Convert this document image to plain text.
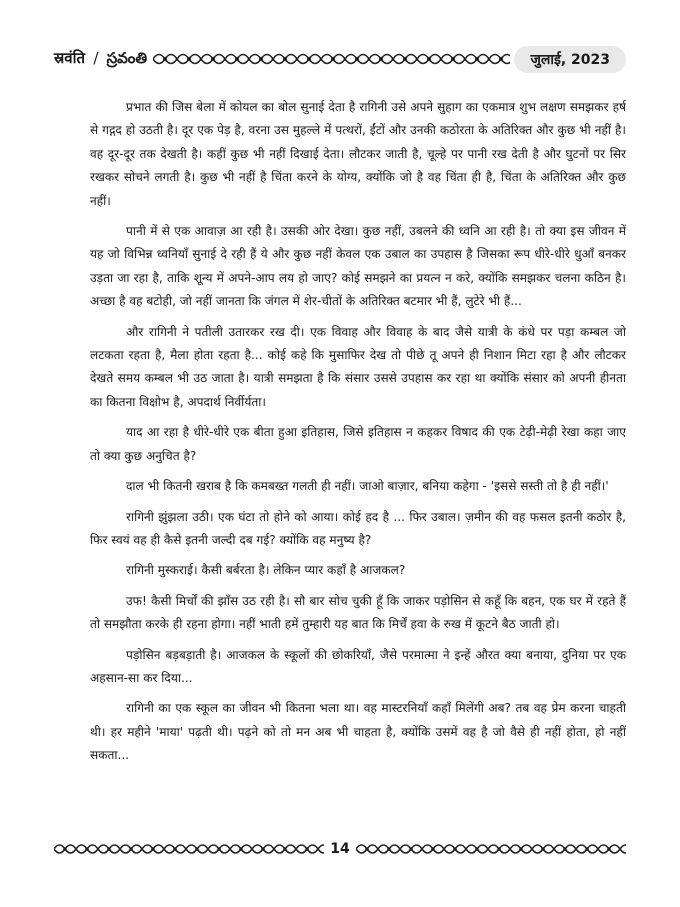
स्रवंति / స్రవంతి	जुलाई, 2023

प्रभात की जिस बेला में कोयल का बोल सुनाई देता है रागिनी उसे अपने सुहाग का एकमात्र शुभ लक्षण समझकर हर्ष से गद्गद हो उठती है। दूर एक पेड़ है, वरना उस मुहल्ले में पत्थरों, ईंटों और उनकी कठोरता के अतिरिक्त और कुछ भी नहीं है। वह दूर-दूर तक देखती है। कहीं कुछ भी नहीं दिखाई देता। लौटकर जाती है, चूल्हे पर पानी रख देती है और घुटनों पर सिर रखकर सोचने लगती है। कुछ भी नहीं है चिंता करने के योग्य, क्योंकि जो है वह चिंता ही है, चिंता के अतिरिक्त और कुछ नहीं।

पानी में से एक आवाज़ आ रही है। उसकी ओर देखा। कुछ नहीं, उबलने की ध्वनि आ रही है। तो क्या इस जीवन में यह जो विभिन्न ध्वनियाँ सुनाई दे रही हैं ये और कुछ नहीं केवल एक उबाल का उपहास है जिसका रूप धीरे-धीरे धुआँ बनकर उड़ता जा रहा है, ताकि शून्य में अपने-आप लय हो जाए? कोई समझने का प्रयत्न न करे, क्योंकि समझकर चलना कठिन है। अच्छा है वह बटोही, जो नहीं जानता कि जंगल में शेर-चीतों के अतिरिक्त बटमार भी हैं, लुटेरे भी हैं...

और रागिनी ने पतीली उतारकर रख दी। एक विवाह और विवाह के बाद जैसे यात्री के कंधे पर पड़ा कम्बल जो लटकता रहता है, मैला होता रहता है... कोई कहे कि मुसाफिर देख तो पीछे तू अपने ही निशान मिटा रहा है और लौटकर देखते समय कम्बल भी उठ जाता है। यात्री समझता है कि संसार उससे उपहास कर रहा था क्योंकि संसार को अपनी हीनता का कितना विक्षोभ है, अपदार्थ निर्वीर्यता।

याद आ रहा है धीरे-धीरे एक बीता हुआ इतिहास, जिसे इतिहास न कहकर विषाद की एक टेढ़ी-मेढ़ी रेखा कहा जाए तो क्या कुछ अनुचित है?

दाल भी कितनी खराब है कि कमबख्त गलती ही नहीं। जाओ बाज़ार, बनिया कहेगा - 'इससे सस्ती तो है ही नहीं।'

रागिनी झुंझला उठी। एक घंटा तो होने को आया। कोई हद है ... फिर उबाल। ज़मीन की वह फसल इतनी कठोर है, फिर स्वयं वह ही कैसे इतनी जल्दी दब गई? क्योंकि वह मनुष्य है?

रागिनी मुस्कराई। कैसी बर्बरता है। लेकिन प्यार कहाँ है आजकल?

उफ! कैसी मिर्चों की झाँस उठ रही है। सौ बार सोच चुकी हूँ कि जाकर पड़ोसिन से कहूँ कि बहन, एक घर में रहते हैं तो समझौता करके ही रहना होगा। नहीं भाती हमें तुम्हारी यह बात कि मिर्चें हवा के रुख में कूटने बैठ जाती हो।

पड़ोसिन बड़बड़ाती है। आजकल के स्कूलों की छोकरियाँ, जैसे परमात्मा ने इन्हें औरत क्या बनाया, दुनिया पर एक अहसान-सा कर दिया...

रागिनी का एक स्कूल का जीवन भी कितना भला था। वह मास्टरनियाँ कहाँ मिलेंगी अब? तब वह प्रेम करना चाहती थी। हर महीने 'माया' पढ़ती थी। पढ़ने को तो मन अब भी चाहता है, क्योंकि उसमें वह है जो वैसे ही नहीं होता, हो नहीं सकता...

14
